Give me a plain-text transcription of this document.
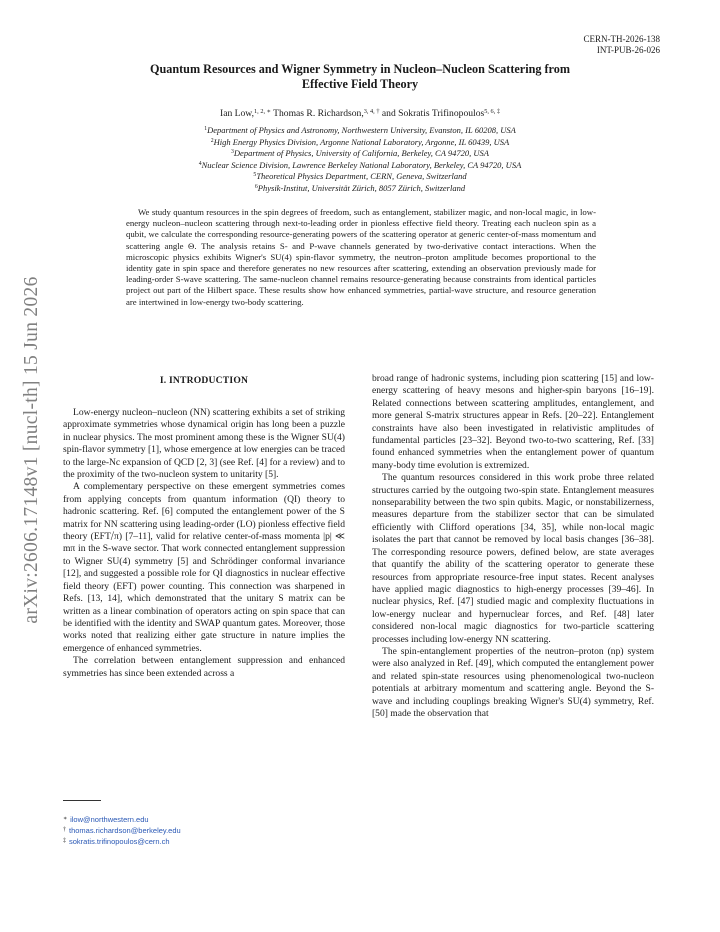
CERN-TH-2026-138
INT-PUB-26-026
arXiv:2606.17148v1 [nucl-th] 15 Jun 2026
Quantum Resources and Wigner Symmetry in Nucleon–Nucleon Scattering from
Effective Field Theory
Ian Low,$^{1, 2, ∗}$ Thomas R. Richardson,$^{3, 4, \dagger}$ and Sokratis Trifinopoulos$^{5, 6, \ddagger}$
$^1$Department of Physics and Astronomy, Northwestern University, Evanston, IL 60208, USA
$^2$High Energy Physics Division, Argonne National Laboratory, Argonne, IL 60439, USA
$^3$Department of Physics, University of California, Berkeley, CA 94720, USA
$^4$Nuclear Science Division, Lawrence Berkeley National Laboratory, Berkeley, CA 94720, USA
$^5$Theoretical Physics Department, CERN, Geneva, Switzerland
$^6$Physik-Institut, Universität Zürich, 8057 Zürich, Switzerland
We study quantum resources in the spin degrees of freedom, such as entanglement, stabilizer magic, and non-local magic, in low-energy nucleon–nucleon scattering through next-to-leading order in pionless effective field theory. Treating each nucleon spin as a qubit, we calculate the corresponding resource-generating powers of the scattering operator at generic center-of-mass momentum and scattering angle Θ. The analysis retains S- and P-wave channels generated by two-derivative contact interactions. When the microscopic physics exhibits Wigner's SU(4) spin-flavor symmetry, the neutron–proton amplitude becomes proportional to the identity gate in spin space and therefore generates no new resources after scattering, extending an observation previously made for leading-order S-wave scattering. The same-nucleon channel remains resource-generating because constraints from identical particles project out part of the Hilbert space. These results show how enhanced symmetries, partial-wave structure, and resource generation are intertwined in low-energy two-body scattering.
I. INTRODUCTION

Low-energy nucleon–nucleon (NN) scattering exhibits a set of striking approximate symmetries whose dynamical origin has long been a puzzle in nuclear physics. The most prominent among these is the Wigner SU(4) spin-flavor symmetry [1], whose emergence at low energies can be traced to the large-Nc expansion of QCD [2, 3] (see Ref. [4] for a review) and to the proximity of the two-nucleon system to unitarity [5].

A complementary perspective on these emergent symmetries comes from applying concepts from quantum information (QI) theory to hadronic scattering. Ref. [6] computed the entanglement power of the S matrix for NN scattering using leading-order (LO) pionless effective field theory (EFT⧸π) [7–11], valid for relative center-of-mass momenta |p| ≪ mπ in the S-wave sector. That work connected entanglement suppression to Wigner SU(4) symmetry [5] and Schrödinger conformal invariance [12], and suggested a possible role for QI diagnostics in nuclear effective field theory (EFT) power counting. This connection was sharpened in Refs. [13, 14], which demonstrated that the unitary S matrix can be written as a linear combination of operators acting on spin space that can be identified with the identity and SWAP quantum gates. Moreover, those works noted that realizing either gate structure in nature implies the emergence of enhanced symmetries.

The correlation between entanglement suppression and enhanced symmetries has since been extended across a

broad range of hadronic systems, including pion scattering [15] and low-energy scattering of heavy mesons and higher-spin baryons [16–19]. Related connections between scattering amplitudes, entanglement, and more general S-matrix structures appear in Refs. [20–22]. Entanglement constraints have also been investigated in relativistic amplitudes of fundamental particles [23–32]. Beyond two-to-two scattering, Ref. [33] found enhanced symmetries when the entanglement power of quantum many-body time evolution is extremized.

The quantum resources considered in this work probe three related structures carried by the outgoing two-spin state. Entanglement measures nonseparability between the two spin qubits. Magic, or nonstabilizerness, measures departure from the stabilizer sector that can be simulated efficiently with Clifford operations [34, 35], while non-local magic isolates the part that cannot be removed by local basis changes [36–38]. The corresponding resource powers, defined below, are state averages that quantify the ability of the scattering operator to generate these resources from appropriate resource-free input states. Recent analyses have applied magic diagnostics to high-energy processes [39–46]. In nuclear physics, Ref. [47] studied magic and complexity fluctuations in low-energy nuclear and hypernuclear forces, and Ref. [48] later considered non-local magic diagnostics for two-particle scattering processes including low-energy NN scattering.

The spin-entanglement properties of the neutron–proton (np) system were also analyzed in Ref. [49], which computed the entanglement power and related spin-state resources using phenomenological two-nucleon potentials at arbitrary momentum and scattering angle. Beyond the S-wave and including couplings breaking Wigner's SU(4) symmetry, Ref. [50] made the observation that

∗ ilow@northwestern.edu
† thomas.richardson@berkeley.edu
‡ sokratis.trifinopoulos@cern.ch
